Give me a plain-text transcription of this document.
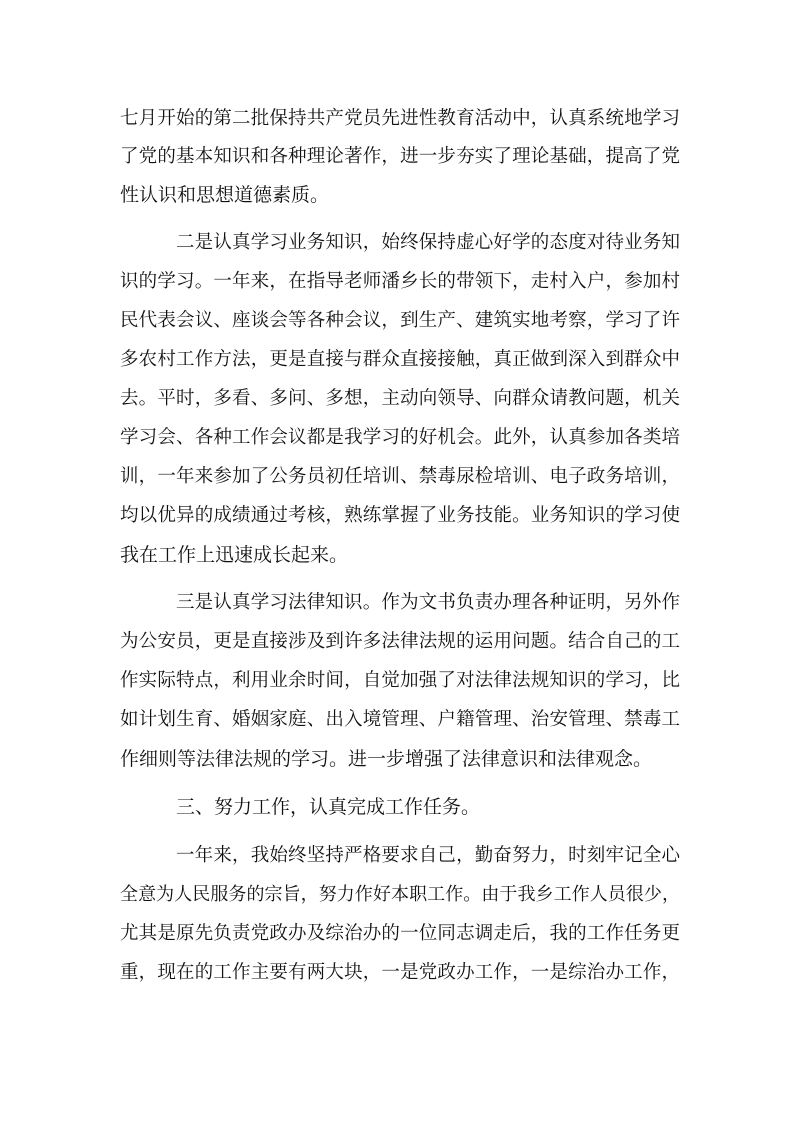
七月开始的第二批保持共产党员先进性教育活动中，认真系统地学习
了党的基本知识和各种理论著作，进一步夯实了理论基础，提高了党
性认识和思想道德素质。
二是认真学习业务知识，始终保持虚心好学的态度对待业务知
识的学习。一年来，在指导老师潘乡长的带领下，走村入户，参加村
民代表会议、座谈会等各种会议，到生产、建筑实地考察，学习了许
多农村工作方法，更是直接与群众直接接触，真正做到深入到群众中
去。平时，多看、多问、多想，主动向领导、向群众请教问题，机关
学习会、各种工作会议都是我学习的好机会。此外，认真参加各类培
训，一年来参加了公务员初任培训、禁毒尿检培训、电子政务培训，
均以优异的成绩通过考核，熟练掌握了业务技能。业务知识的学习使
我在工作上迅速成长起来。
三是认真学习法律知识。作为文书负责办理各种证明，另外作
为公安员，更是直接涉及到许多法律法规的运用问题。结合自己的工
作实际特点，利用业余时间，自觉加强了对法律法规知识的学习，比
如计划生育、婚姻家庭、出入境管理、户籍管理、治安管理、禁毒工
作细则等法律法规的学习。进一步增强了法律意识和法律观念。
三、努力工作，认真完成工作任务。
一年来，我始终坚持严格要求自己，勤奋努力，时刻牢记全心
全意为人民服务的宗旨，努力作好本职工作。由于我乡工作人员很少，
尤其是原先负责党政办及综治办的一位同志调走后，我的工作任务更
重，现在的工作主要有两大块，一是党政办工作，一是综治办工作，
